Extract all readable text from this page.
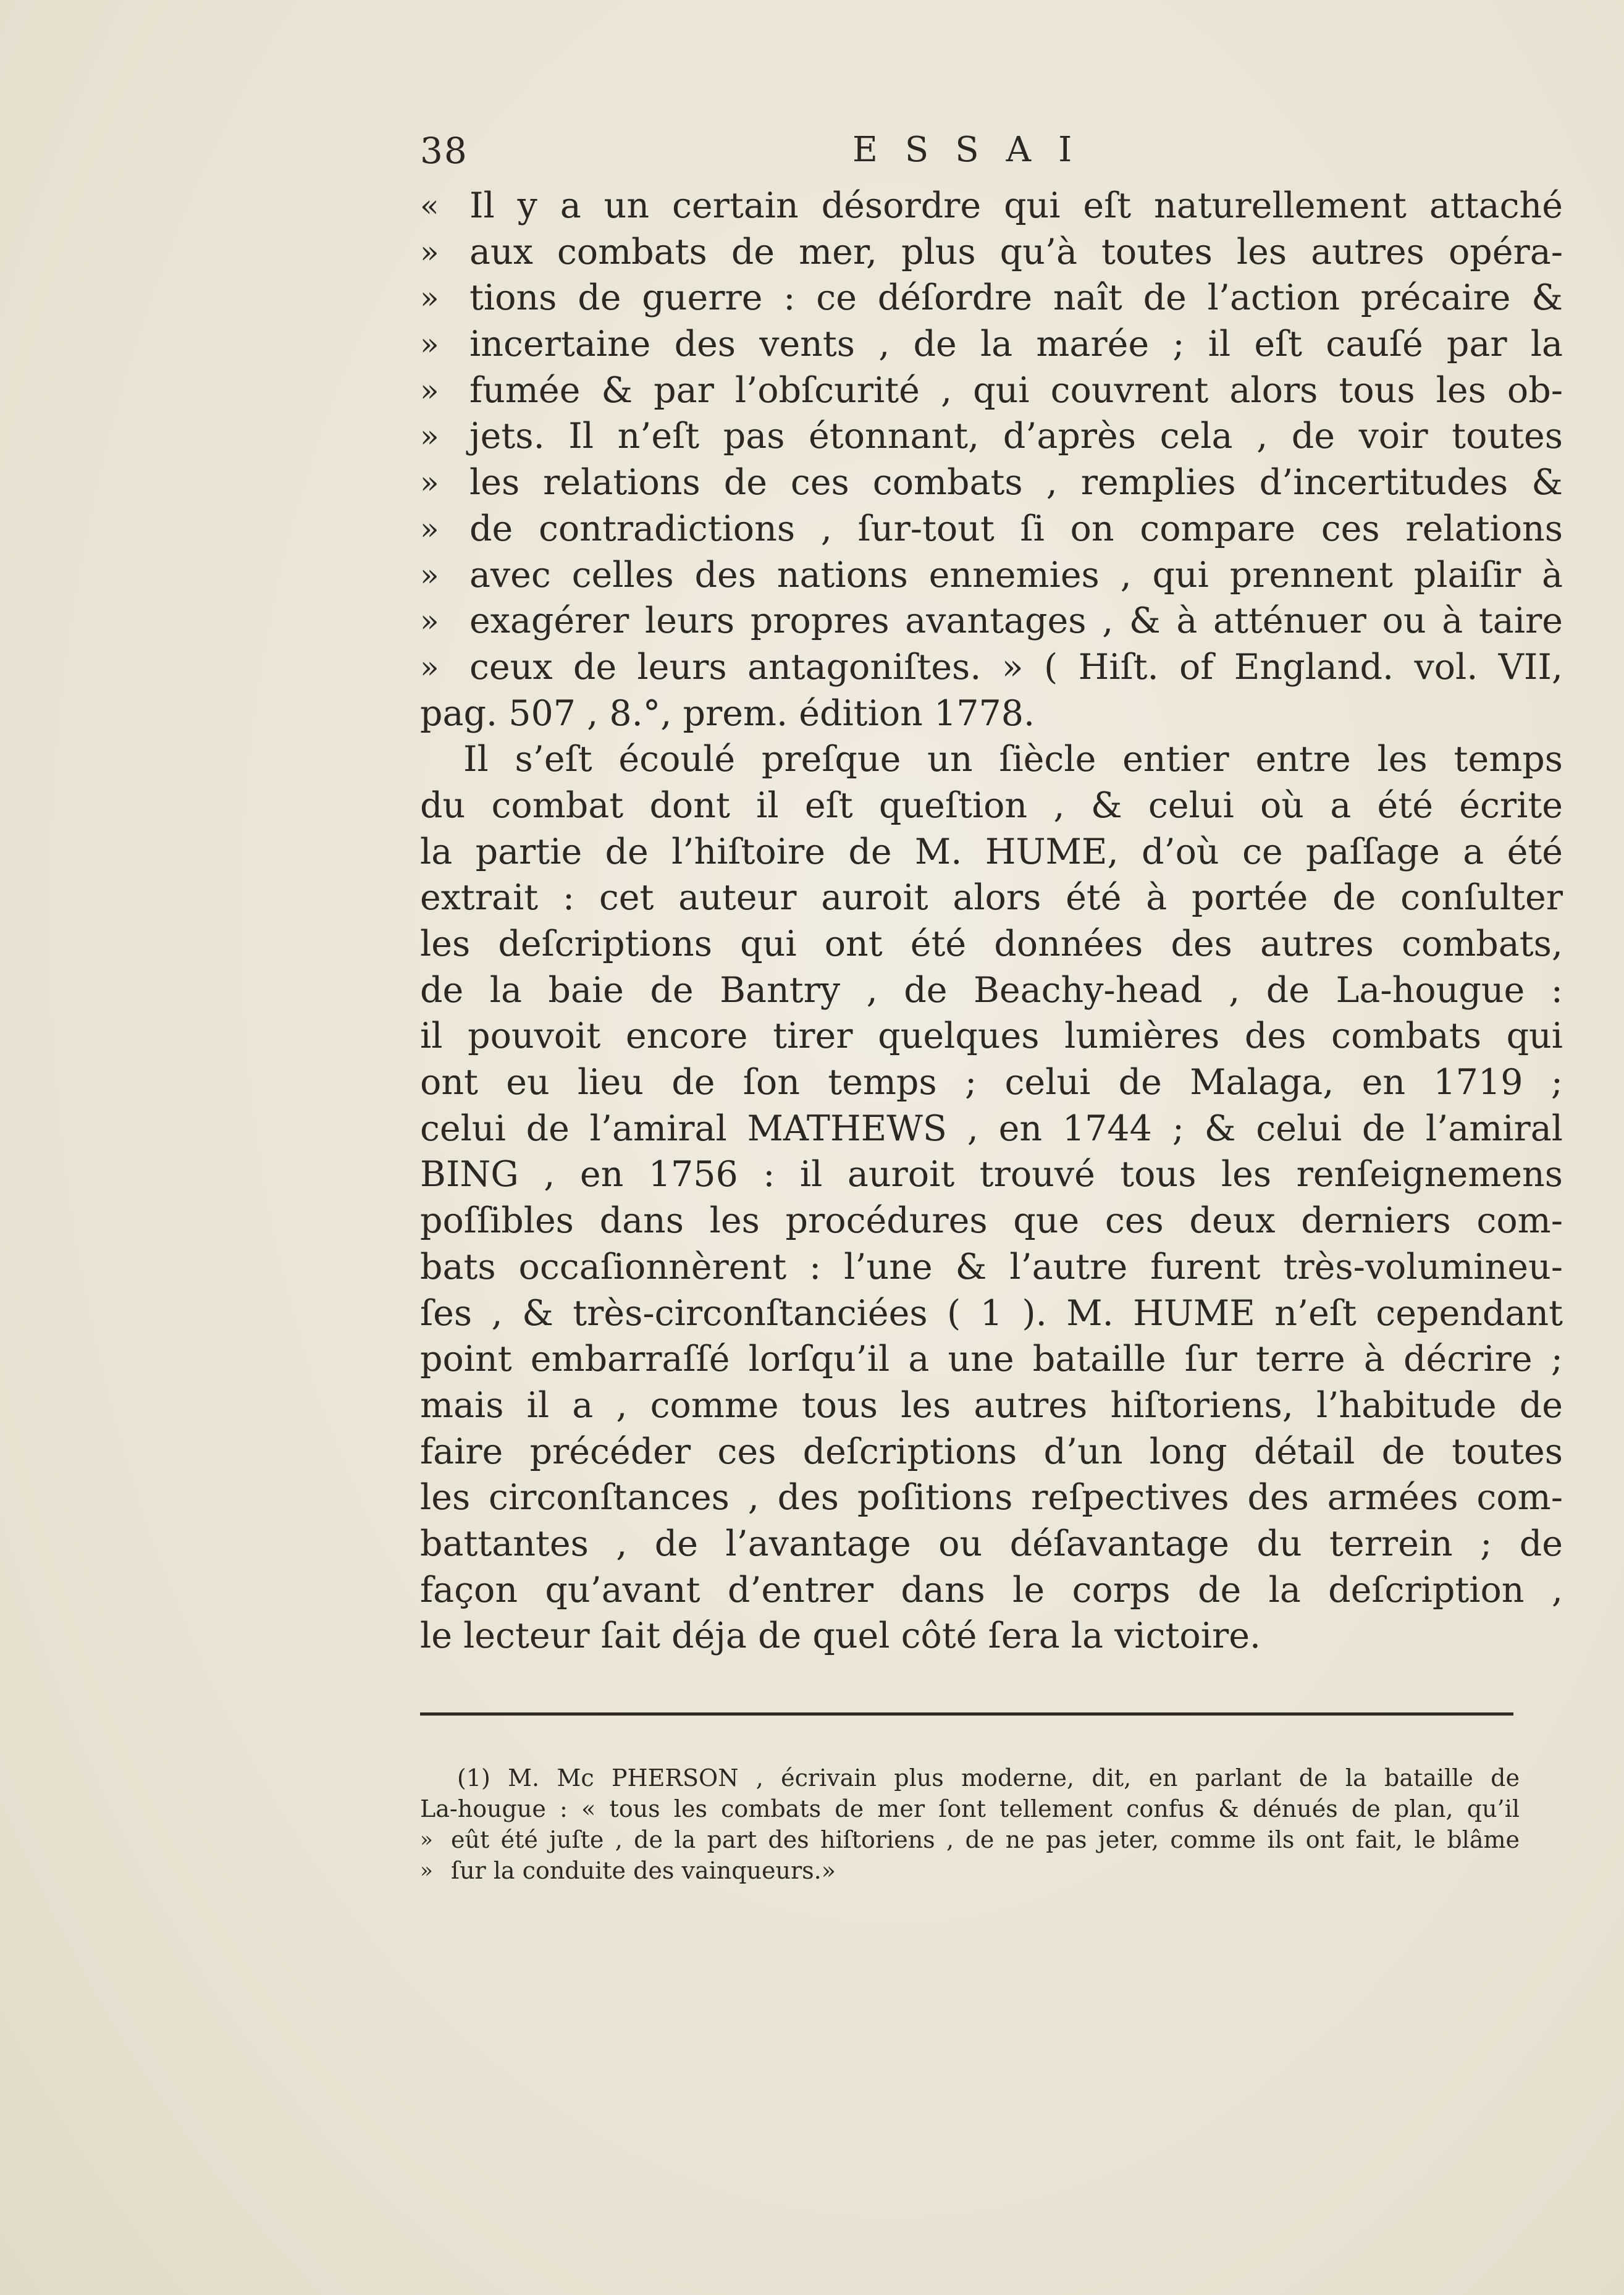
38	ESSAI
« Il y a un certain désordre qui eſt naturellement attaché
» aux combats de mer, plus qu’à toutes les autres opéra-
» tions de guerre : ce déſordre naît de l’action précaire &
» incertaine des vents , de la marée ; il eſt cauſé par la
» fumée & par l’obſcurité , qui couvrent alors tous les ob-
» jets. Il n’eſt pas étonnant, d’après cela , de voir toutes
» les relations de ces combats , remplies d’incertitudes &
» de contradictions , ſur-tout ſi on compare ces relations
» avec celles des nations ennemies , qui prennent plaiſir à
» exagérer leurs propres avantages , & à atténuer ou à taire
» ceux de leurs antagoniſtes. » ( Hiſt. of England. vol. VII,
pag. 507 , 8.°, prem. édition 1778.
Il s’eſt écoulé preſque un ſiècle entier entre les temps
du combat dont il eſt queſtion , & celui où a été écrite
la partie de l’hiſtoire de M. HUME, d’où ce paſſage a été
extrait : cet auteur auroit alors été à portée de conſulter
les deſcriptions qui ont été données des autres combats,
de la baie de Bantry , de Beachy-head , de La-hougue :
il pouvoit encore tirer quelques lumières des combats qui
ont eu lieu de ſon temps ; celui de Malaga, en 1719 ;
celui de l’amiral MATHEWS , en 1744 ; & celui de l’amiral
BING , en 1756 : il auroit trouvé tous les renſeignemens
poſſibles dans les procédures que ces deux derniers com-
bats occaſionnèrent : l’une & l’autre furent très-volumineu-
ſes , & très-circonſtanciées ( 1 ). M. HUME n’eſt cependant
point embarraſſé lorſqu’il a une bataille ſur terre à décrire ;
mais il a , comme tous les autres hiſtoriens, l’habitude de
faire précéder ces deſcriptions d’un long détail de toutes
les circonſtances , des poſitions reſpectives des armées com-
battantes , de l’avantage ou déſavantage du terrein ; de
façon qu’avant d’entrer dans le corps de la deſcription ,
le lecteur ſait déja de quel côté ſera la victoire.
(1) M. Mc PHERSON , écrivain plus moderne, dit, en parlant de la bataille de
La-hougue : « tous les combats de mer ſont tellement confus & dénués de plan, qu’il
» eût été juſte , de la part des hiſtoriens , de ne pas jeter, comme ils ont fait, le blâme
» ſur la conduite des vainqueurs.»
